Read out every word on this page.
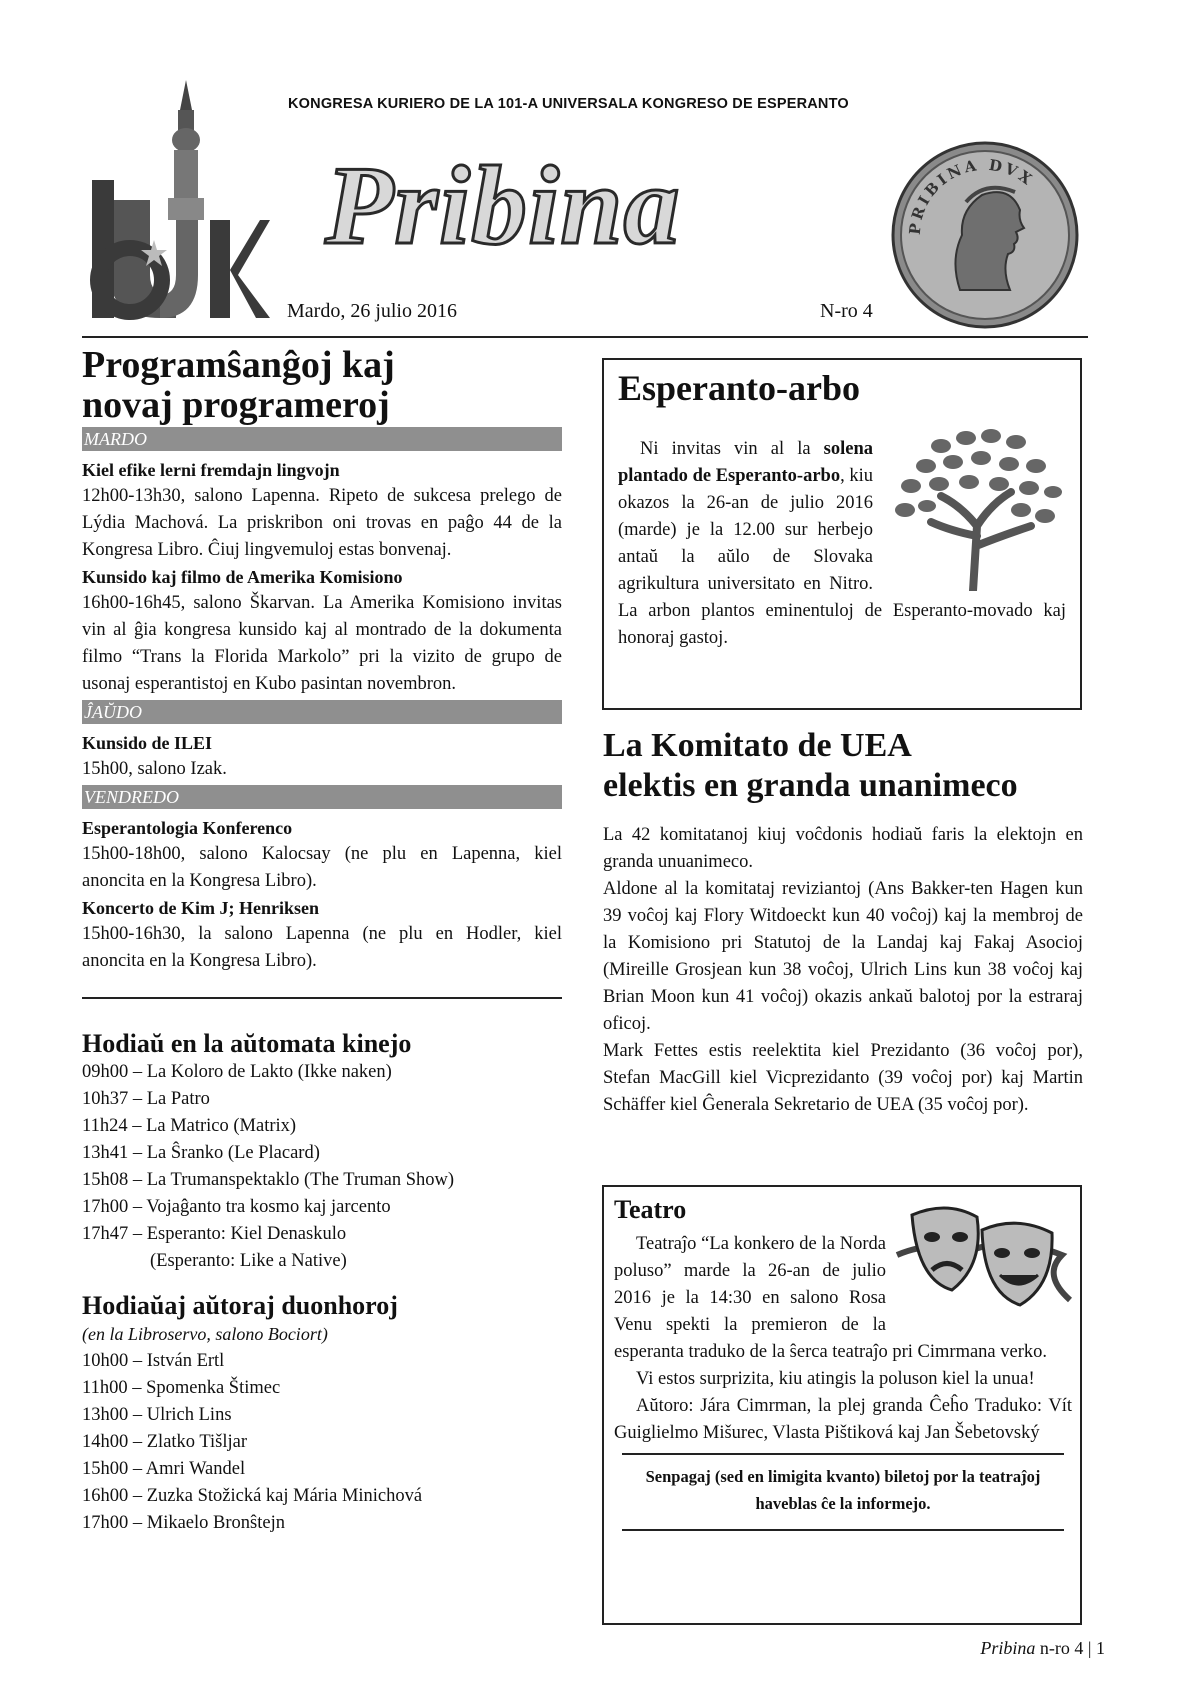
KONGRESA KURIERO DE LA 101-A UNIVERSALA KONGRESO DE ESPERANTO
Pribina
Mardo, 26 julio 2016	N-ro 4
PRIBINA DVX
Programŝanĝoj kaj
novaj programeroj
MARDO
Kiel efike lerni fremdajn lingvojn

12h00-13h30, salono Lapenna. Ripeto de sukcesa prelego de Lýdia Machová. La priskribon oni trovas en paĝo 44 de la Kongresa Libro. Ĉiuj lingvemuloj estas bonvenaj.

Kunsido kaj filmo de Amerika Komisiono

16h00-16h45, salono Škarvan. La Amerika Komisiono invitas vin al ĝia kongresa kunsido kaj al montrado de la dokumenta filmo “Trans la Florida Markolo” pri la vizito de grupo de usonaj esperantistoj en Kubo pasintan novembron.

ĴAŬDO
Kunsido de ILEI

15h00, salono Izak.

VENDREDO
Esperantologia Konferenco

15h00-18h00, salono Kalocsay (ne plu en Lapenna, kiel anoncita en la Kongresa Libro).

Koncerto de Kim J; Henriksen

15h00-16h30, la salono Lapenna (ne plu en Hodler, kiel anoncita en la Kongresa Libro).

Hodiaŭ en la aŭtomata kinejo
09h00 – La Koloro de Lakto (Ikke naken)
10h37 – La Patro
11h24 – La Matrico (Matrix)
13h41 – La Ŝranko (Le Placard)
15h08 – La Trumanspektaklo (The Truman Show)
17h00 – Vojaĝanto tra kosmo kaj jarcento
17h47 – Esperanto: Kiel Denaskulo
(Esperanto: Like a Native)
Hodiaŭaj aŭtoraj duonhoroj
(en la Libroservo, salono Bociort)
10h00 – István Ertl
11h00 – Spomenka Štimec
13h00 – Ulrich Lins
14h00 – Zlatko Tišljar
15h00 – Amri Wandel
16h00 – Zuzka Stožická kaj Mária Minichová
17h00 – Mikaelo Bronŝtejn
Esperanto-arbo

Ni invitas vin al la solena plantado de Esperanto-arbo, kiu okazos la 26-an de julio 2016 (marde) je la 12.00 sur herbejo antaŭ la aŭlo de Slovaka agrikultura universitato en Nitro. La arbon plantos eminentuloj de Esperanto-movado kaj honoraj gastoj.

La Komitato de UEA
elektis en granda unanimeco

La 42 komitatanoj kiuj voĉdonis hodiaŭ faris la elektojn en granda unuanimeco.

Aldone al la komitataj reviziantoj (Ans Bakker-ten Hagen kun 39 voĉoj kaj Flory Witdoeckt kun 40 voĉoj) kaj la membroj de la Komisiono pri Statutoj de la Landaj kaj Fakaj Asocioj (Mireille Grosjean kun 38 voĉoj, Ulrich Lins kun 38 voĉoj kaj Brian Moon kun 41 voĉoj) okazis ankaŭ balotoj por la estraraj oficoj.

Mark Fettes estis reelektita kiel Prezidanto (36 voĉoj por), Stefan MacGill kiel Vicprezidanto (39 voĉoj por) kaj Martin Schäffer kiel Ĝenerala Sekretario de UEA (35 voĉoj por).

Teatro

Teatraĵo “La konkero de la Norda poluso” marde la 26-an de julio 2016 je la 14:30 en salono Rosa Venu spekti la premieron de la esperanta traduko de la ŝerca teatraĵo pri Cimrmana verko.

Vi estos surprizita, kiu atingis la poluson kiel la unua!

Aŭtoro: Jára Cimrman, la plej granda Ĉeĥo Traduko: Vít Guiglielmo Mišurec, Vlasta Pištiková kaj Jan Šebetovský

Senpagaj (sed en limigita kvanto) biletoj por la teatraĵoj haveblas ĉe la informejo.
Pribina n-ro 4 | 1
